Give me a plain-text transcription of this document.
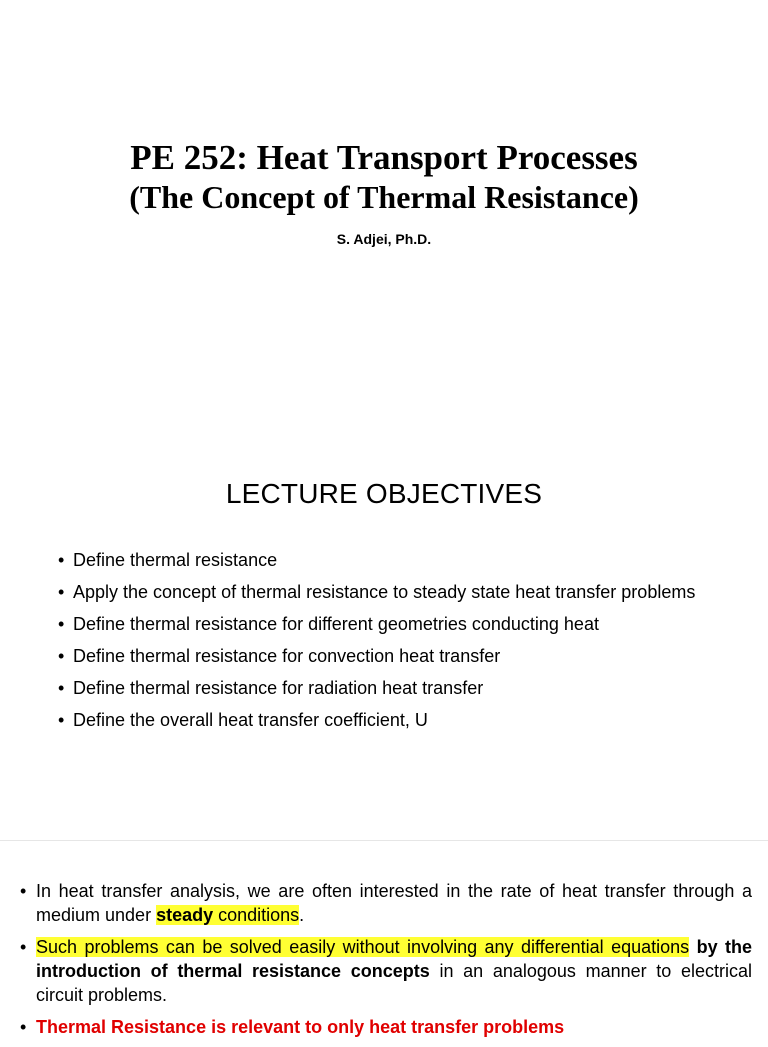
PE 252: Heat Transport Processes
(The Concept of Thermal Resistance)
S. Adjei, Ph.D.
LECTURE OBJECTIVES
• Define thermal resistance
• Apply the concept of thermal resistance to steady state heat transfer problems
• Define thermal resistance for different geometries conducting heat
• Define thermal resistance for convection heat transfer
• Define thermal resistance for radiation heat transfer
• Define the overall heat transfer coefficient, U
• In heat transfer analysis, we are often interested in the rate of heat transfer through a medium under steady conditions.
• Such problems can be solved easily without involving any differential equations by the introduction of thermal resistance concepts in an analogous manner to electrical circuit problems.
• Thermal Resistance is relevant to only heat transfer problems
